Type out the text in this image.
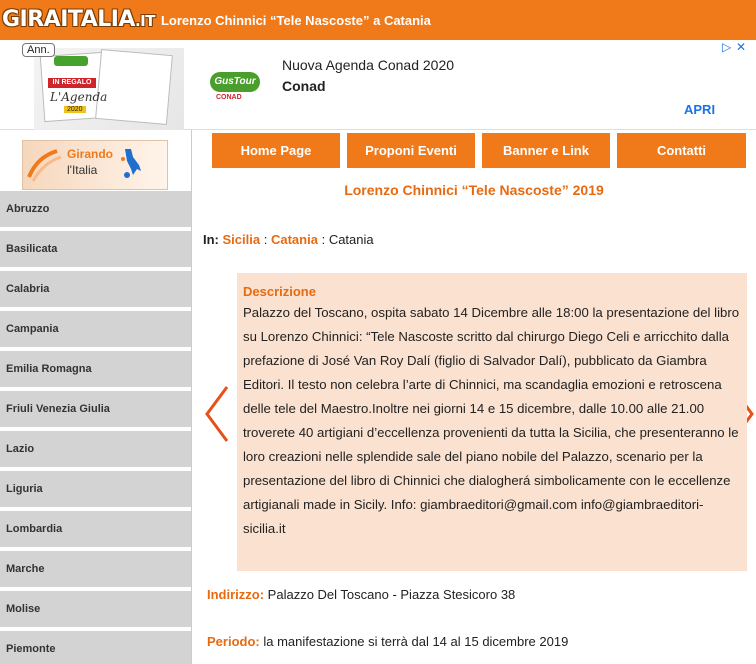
GIRAITALIA.IT Lorenzo Chinnici “Tele Nascoste” a Catania
IN REGALO
L'Agenda
2020
Ann.
GusTour
CONAD
Nuova Agenda Conad 2020
Conad
APRI
▷ ✕
Girando
l'Italia
Abruzzo
Basilicata
Calabria
Campania
Emilia Romagna
Friuli Venezia Giulia
Lazio
Liguria
Lombardia
Marche
Molise
Piemonte
Home Page	Proponi Eventi	Banner e Link	Contatti
Lorenzo Chinnici “Tele Nascoste” 2019
In: Sicilia : Catania : Catania
Descrizione
Palazzo del Toscano, ospita sabato 14 Dicembre alle 18:00 la presentazione del libro su Lorenzo Chinnici: “Tele Nascoste scritto dal chirurgo Diego Celi e arricchito dalla prefazione di José Van Roy Dalí (figlio di Salvador Dalí), pubblicato da Giambra Editori. Il testo non celebra l’arte di Chinnici, ma scandaglia emozioni e retroscena delle tele del Maestro.Inoltre nei giorni 14 e 15 dicembre, dalle 10.00 alle 21.00 troverete 40 artigiani d’eccellenza provenienti da tutta la Sicilia, che presenteranno le loro creazioni nelle splendide sale del piano nobile del Palazzo, scenario per la presentazione del libro di Chinnici che dialogherá simbolicamente con le eccellenze artigianali made in Sicily. Info: giambraeditori@gmail.com info@giambraeditori-sicilia.it
Indirizzo: Palazzo Del Toscano - Piazza Stesicoro 38
Periodo: la manifestazione si terrà dal 14 al 15 dicembre 2019
